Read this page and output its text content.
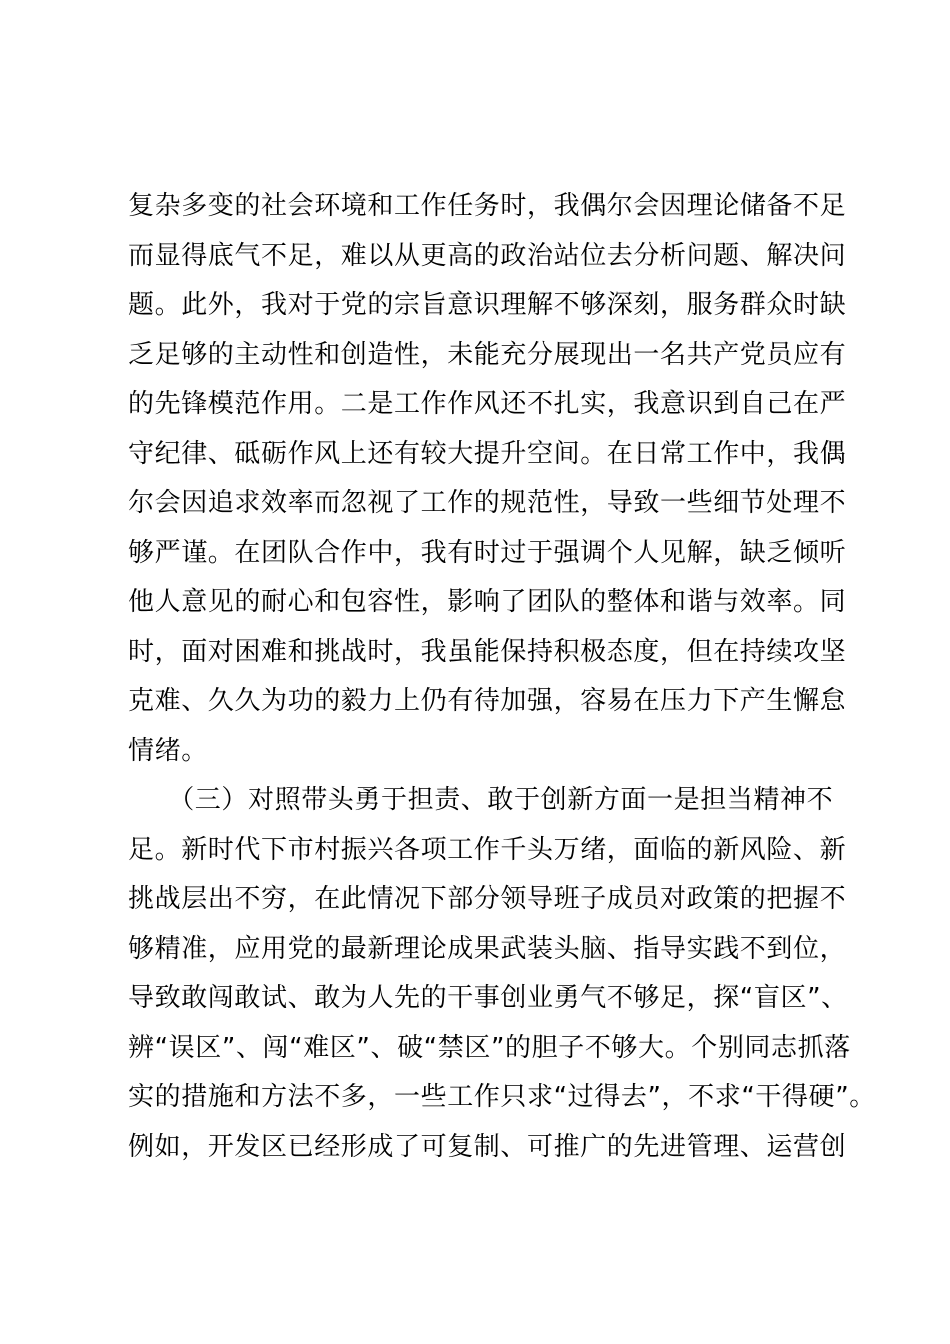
复杂多变的社会环境和工作任务时，我偶尔会因理论储备不足
而显得底气不足，难以从更高的政治站位去分析问题、解决问
题。此外，我对于党的宗旨意识理解不够深刻，服务群众时缺
乏足够的主动性和创造性，未能充分展现出一名共产党员应有
的先锋模范作用。二是工作作风还不扎实，我意识到自己在严
守纪律、砥砺作风上还有较大提升空间。在日常工作中，我偶
尔会因追求效率而忽视了工作的规范性，导致一些细节处理不
够严谨。在团队合作中，我有时过于强调个人见解，缺乏倾听
他人意见的耐心和包容性，影响了团队的整体和谐与效率。同
时，面对困难和挑战时，我虽能保持积极态度，但在持续攻坚
克难、久久为功的毅力上仍有待加强，容易在压力下产生懈怠
情绪。
　　（三）对照带头勇于担责、敢于创新方面一是担当精神不
足。新时代下市村振兴各项工作千头万绪，面临的新风险、新
挑战层出不穷，在此情况下部分领导班子成员对政策的把握不
够精准，应用党的最新理论成果武装头脑、指导实践不到位，
导致敢闯敢试、敢为人先的干事创业勇气不够足，探“盲区”、
辨“误区”、闯“难区”、破“禁区”的胆子不够大。个别同志抓落
实的措施和方法不多，一些工作只求“过得去”，不求“干得硬”。
例如，开发区已经形成了可复制、可推广的先进管理、运营创
